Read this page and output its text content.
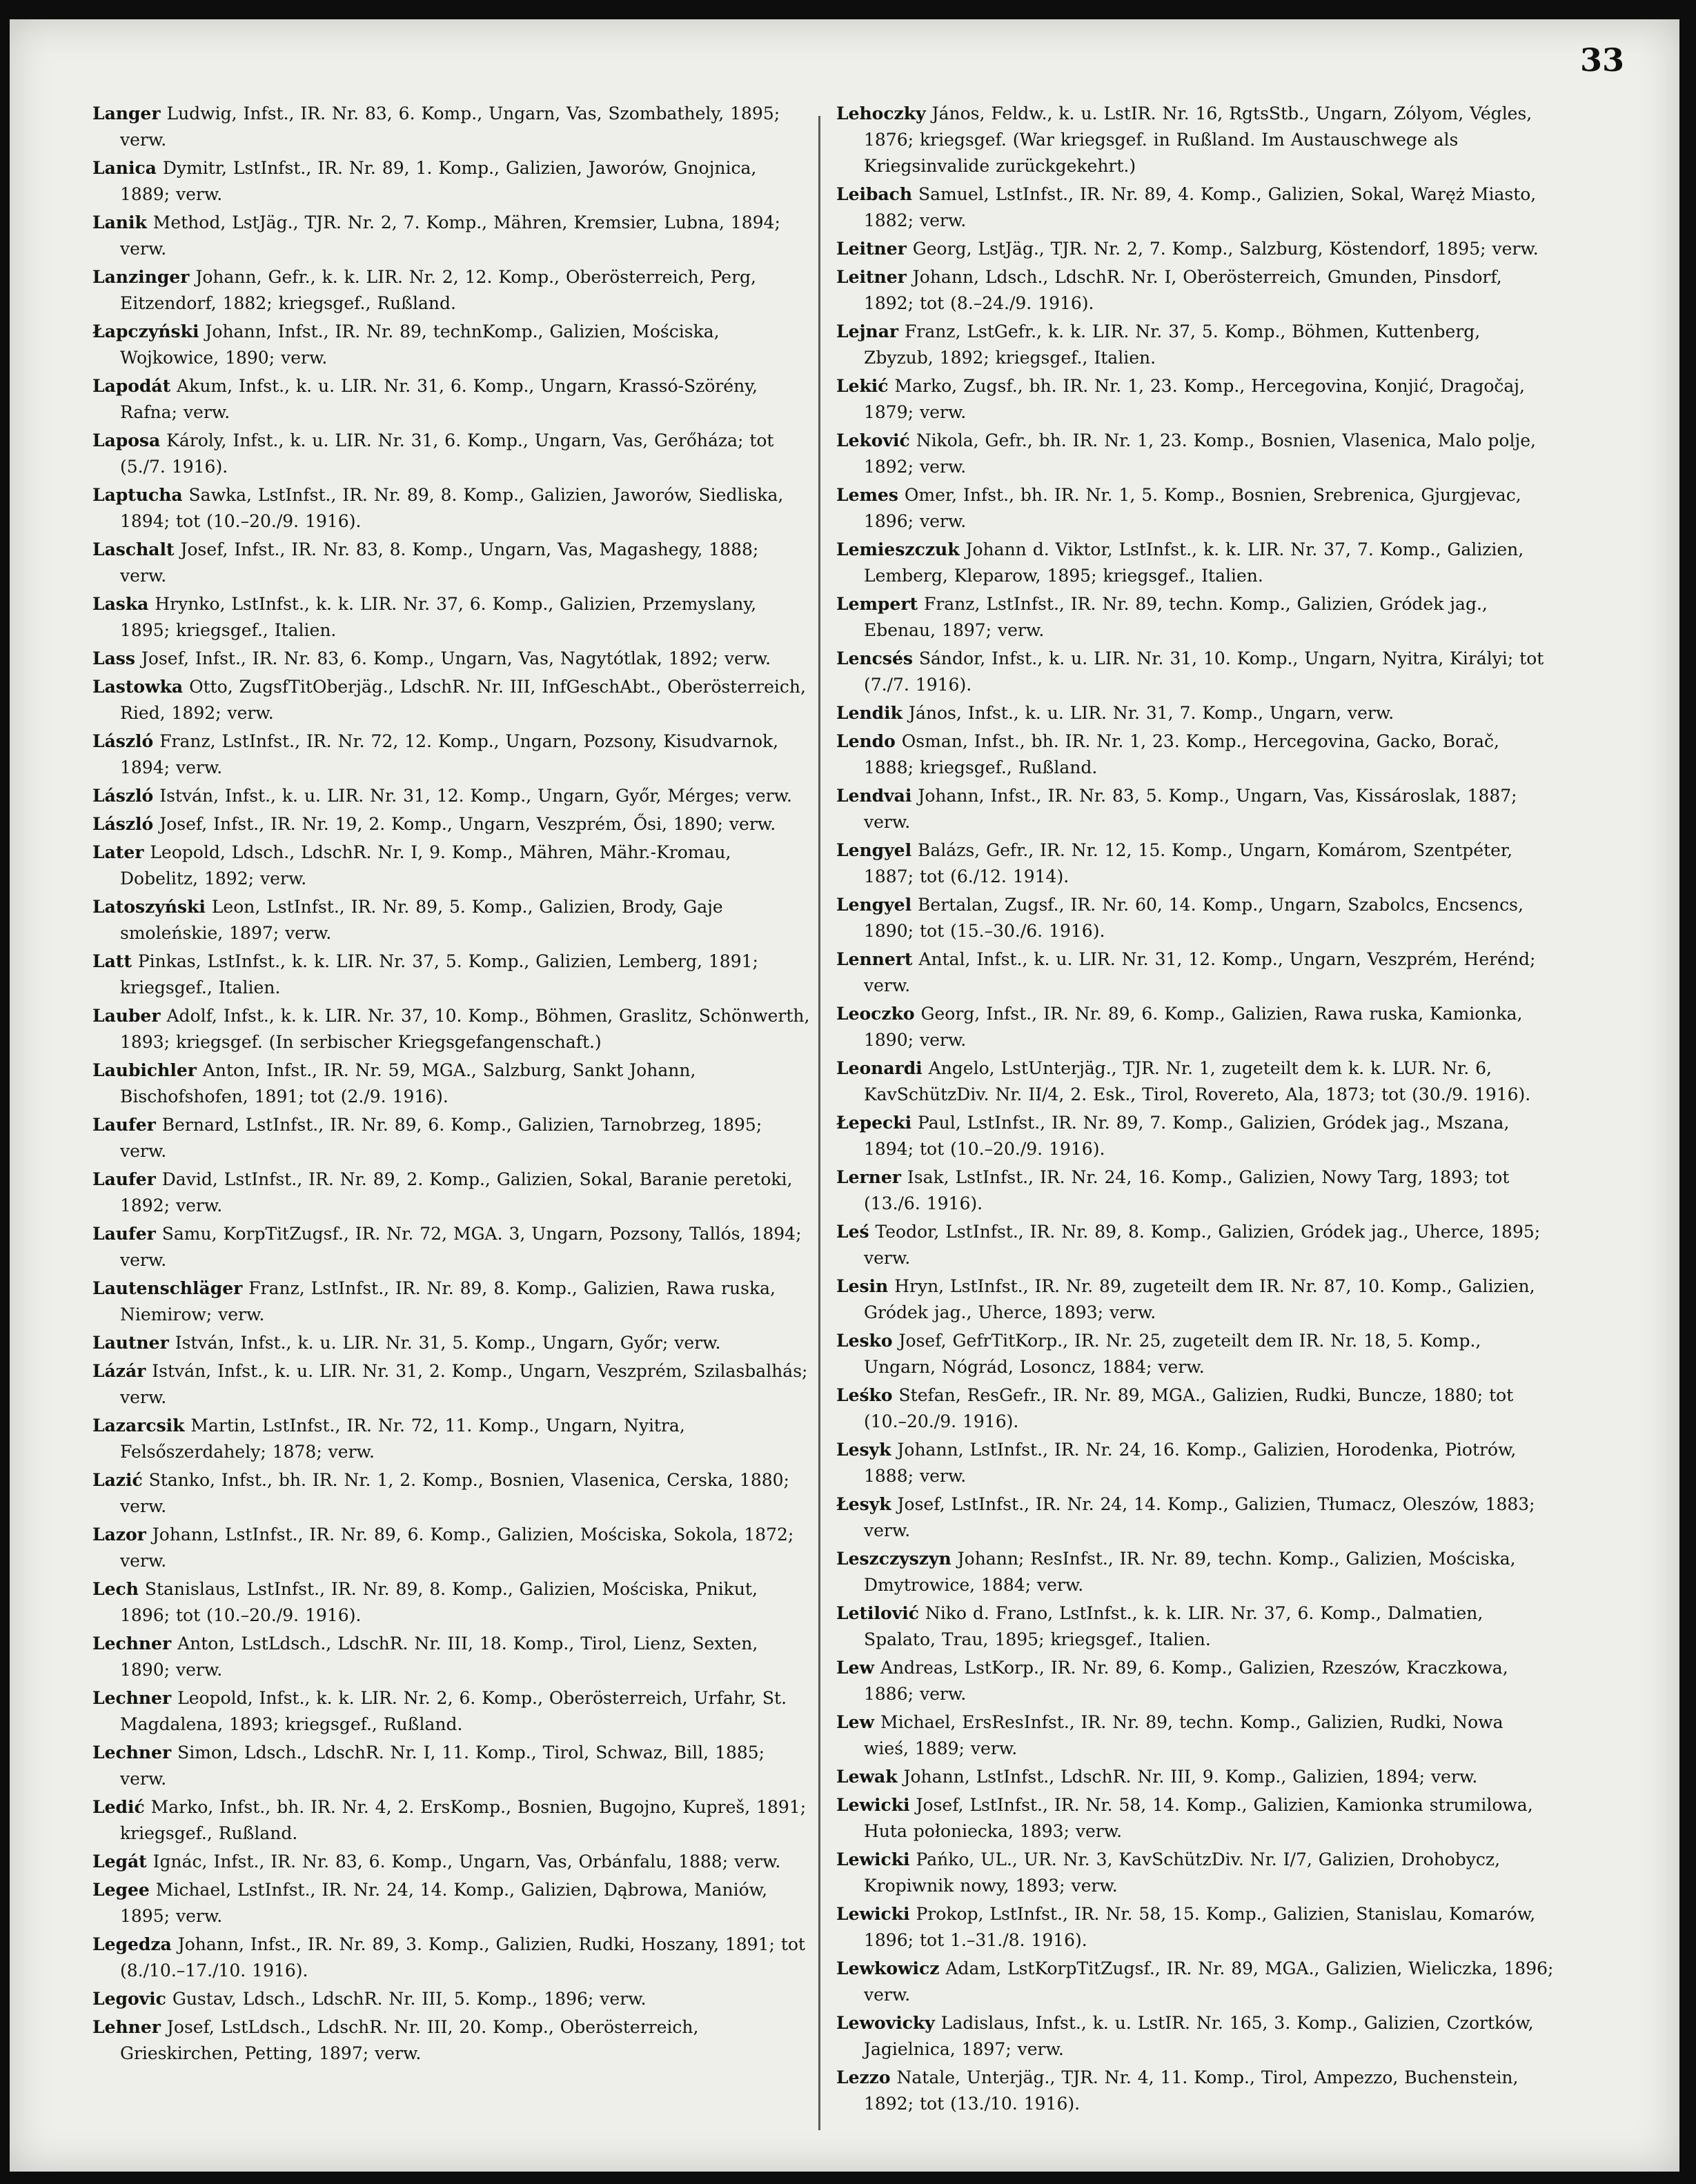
33
Langer Ludwig, Infst., IR. Nr. 83, 6. Komp., Ungarn, Vas, Szombathely, 1895; verw.
Lanica Dymitr, LstInfst., IR. Nr. 89, 1. Komp., Galizien, Jaworów, Gnojnica, 1889; verw.
Lanik Method, LstJäg., TJR. Nr. 2, 7. Komp., Mähren, Kremsier, Lubna, 1894; verw.
Lanzinger Johann, Gefr., k. k. LIR. Nr. 2, 12. Komp., Oberösterreich, Perg, Eitzendorf, 1882; kriegsgef., Rußland.
Łapczyński Johann, Infst., IR. Nr. 89, technKomp., Galizien, Mościska, Wojkowice, 1890; verw.
Lapodát Akum, Infst., k. u. LIR. Nr. 31, 6. Komp., Ungarn, Krassó-Szörény, Rafna; verw.
Laposa Károly, Infst., k. u. LIR. Nr. 31, 6. Komp., Ungarn, Vas, Gerőháza; tot (5./7. 1916).
Laptucha Sawka, LstInfst., IR. Nr. 89, 8. Komp., Galizien, Jaworów, Siedliska, 1894; tot (10.–20./9. 1916).
Laschalt Josef, Infst., IR. Nr. 83, 8. Komp., Ungarn, Vas, Magashegy, 1888; verw.
Laska Hrynko, LstInfst., k. k. LIR. Nr. 37, 6. Komp., Galizien, Przemyslany, 1895; kriegsgef., Italien.
Lass Josef, Infst., IR. Nr. 83, 6. Komp., Ungarn, Vas, Nagytótlak, 1892; verw.
Lastowka Otto, ZugsfTitOberjäg., LdschR. Nr. III, InfGeschAbt., Oberösterreich, Ried, 1892; verw.
László Franz, LstInfst., IR. Nr. 72, 12. Komp., Ungarn, Pozsony, Kisudvarnok, 1894; verw.
László István, Infst., k. u. LIR. Nr. 31, 12. Komp., Ungarn, Győr, Mérges; verw.
László Josef, Infst., IR. Nr. 19, 2. Komp., Ungarn, Veszprém, Ősi, 1890; verw.
Later Leopold, Ldsch., LdschR. Nr. I, 9. Komp., Mähren, Mähr.-Kromau, Dobelitz, 1892; verw.
Latoszyński Leon, LstInfst., IR. Nr. 89, 5. Komp., Galizien, Brody, Gaje smoleńskie, 1897; verw.
Latt Pinkas, LstInfst., k. k. LIR. Nr. 37, 5. Komp., Galizien, Lemberg, 1891; kriegsgef., Italien.
Lauber Adolf, Infst., k. k. LIR. Nr. 37, 10. Komp., Böhmen, Graslitz, Schönwerth, 1893; kriegsgef. (In serbischer Kriegsgefangenschaft.)
Laubichler Anton, Infst., IR. Nr. 59, MGA., Salzburg, Sankt Johann, Bischofshofen, 1891; tot (2./9. 1916).
Laufer Bernard, LstInfst., IR. Nr. 89, 6. Komp., Galizien, Tarnobrzeg, 1895; verw.
Laufer David, LstInfst., IR. Nr. 89, 2. Komp., Galizien, Sokal, Baranie peretoki, 1892; verw.
Laufer Samu, KorpTitZugsf., IR. Nr. 72, MGA. 3, Ungarn, Pozsony, Tallós, 1894; verw.
Lautenschläger Franz, LstInfst., IR. Nr. 89, 8. Komp., Galizien, Rawa ruska, Niemirow; verw.
Lautner István, Infst., k. u. LIR. Nr. 31, 5. Komp., Ungarn, Győr; verw.
Lázár István, Infst., k. u. LIR. Nr. 31, 2. Komp., Ungarn, Veszprém, Szilasbalhás; verw.
Lazarcsik Martin, LstInfst., IR. Nr. 72, 11. Komp., Ungarn, Nyitra, Felsőszerdahely; 1878; verw.
Lazić Stanko, Infst., bh. IR. Nr. 1, 2. Komp., Bosnien, Vlasenica, Cerska, 1880; verw.
Lazor Johann, LstInfst., IR. Nr. 89, 6. Komp., Galizien, Mościska, Sokola, 1872; verw.
Lech Stanislaus, LstInfst., IR. Nr. 89, 8. Komp., Galizien, Mościska, Pnikut, 1896; tot (10.–20./9. 1916).
Lechner Anton, LstLdsch., LdschR. Nr. III, 18. Komp., Tirol, Lienz, Sexten, 1890; verw.
Lechner Leopold, Infst., k. k. LIR. Nr. 2, 6. Komp., Oberösterreich, Urfahr, St. Magdalena, 1893; kriegsgef., Rußland.
Lechner Simon, Ldsch., LdschR. Nr. I, 11. Komp., Tirol, Schwaz, Bill, 1885; verw.
Ledić Marko, Infst., bh. IR. Nr. 4, 2. ErsKomp., Bosnien, Bugojno, Kupreš, 1891; kriegsgef., Rußland.
Legát Ignác, Infst., IR. Nr. 83, 6. Komp., Ungarn, Vas, Orbánfalu, 1888; verw.
Legee Michael, LstInfst., IR. Nr. 24, 14. Komp., Galizien, Dąbrowa, Maniów, 1895; verw.
Legedza Johann, Infst., IR. Nr. 89, 3. Komp., Galizien, Rudki, Hoszany, 1891; tot (8./10.–17./10. 1916).
Legovic Gustav, Ldsch., LdschR. Nr. III, 5. Komp., 1896; verw.
Lehner Josef, LstLdsch., LdschR. Nr. III, 20. Komp., Oberösterreich, Grieskirchen, Petting, 1897; verw.
Lehoczky János, Feldw., k. u. LstIR. Nr. 16, RgtsStb., Ungarn, Zólyom, Végles, 1876; kriegsgef. (War kriegsgef. in Rußland. Im Austauschwege als Kriegsinvalide zurückgekehrt.)
Leibach Samuel, LstInfst., IR. Nr. 89, 4. Komp., Galizien, Sokal, Waręż Miasto, 1882; verw.
Leitner Georg, LstJäg., TJR. Nr. 2, 7. Komp., Salzburg, Köstendorf, 1895; verw.
Leitner Johann, Ldsch., LdschR. Nr. I, Oberösterreich, Gmunden, Pinsdorf, 1892; tot (8.–24./9. 1916).
Lejnar Franz, LstGefr., k. k. LIR. Nr. 37, 5. Komp., Böhmen, Kuttenberg, Zbyzub, 1892; kriegsgef., Italien.
Lekić Marko, Zugsf., bh. IR. Nr. 1, 23. Komp., Hercegovina, Konjić, Dragočaj, 1879; verw.
Leković Nikola, Gefr., bh. IR. Nr. 1, 23. Komp., Bosnien, Vlasenica, Malo polje, 1892; verw.
Lemes Omer, Infst., bh. IR. Nr. 1, 5. Komp., Bosnien, Srebrenica, Gjurgjevac, 1896; verw.
Lemieszczuk Johann d. Viktor, LstInfst., k. k. LIR. Nr. 37, 7. Komp., Galizien, Lemberg, Kleparow, 1895; kriegsgef., Italien.
Lempert Franz, LstInfst., IR. Nr. 89, techn. Komp., Galizien, Gródek jag., Ebenau, 1897; verw.
Lencsés Sándor, Infst., k. u. LIR. Nr. 31, 10. Komp., Ungarn, Nyitra, Királyi; tot (7./7. 1916).
Lendik János, Infst., k. u. LIR. Nr. 31, 7. Komp., Ungarn, verw.
Lendo Osman, Infst., bh. IR. Nr. 1, 23. Komp., Hercegovina, Gacko, Borač, 1888; kriegsgef., Rußland.
Lendvai Johann, Infst., IR. Nr. 83, 5. Komp., Ungarn, Vas, Kissároslak, 1887; verw.
Lengyel Balázs, Gefr., IR. Nr. 12, 15. Komp., Ungarn, Komárom, Szentpéter, 1887; tot (6./12. 1914).
Lengyel Bertalan, Zugsf., IR. Nr. 60, 14. Komp., Ungarn, Szabolcs, Encsencs, 1890; tot (15.–30./6. 1916).
Lennert Antal, Infst., k. u. LIR. Nr. 31, 12. Komp., Ungarn, Veszprém, Herénd; verw.
Leoczko Georg, Infst., IR. Nr. 89, 6. Komp., Galizien, Rawa ruska, Kamionka, 1890; verw.
Leonardi Angelo, LstUnterjäg., TJR. Nr. 1, zugeteilt dem k. k. LUR. Nr. 6, KavSchützDiv. Nr. II/4, 2. Esk., Tirol, Rovereto, Ala, 1873; tot (30./9. 1916).
Łepecki Paul, LstInfst., IR. Nr. 89, 7. Komp., Galizien, Gródek jag., Mszana, 1894; tot (10.–20./9. 1916).
Lerner Isak, LstInfst., IR. Nr. 24, 16. Komp., Galizien, Nowy Targ, 1893; tot (13./6. 1916).
Leś Teodor, LstInfst., IR. Nr. 89, 8. Komp., Galizien, Gródek jag., Uherce, 1895; verw.
Lesin Hryn, LstInfst., IR. Nr. 89, zugeteilt dem IR. Nr. 87, 10. Komp., Galizien, Gródek jag., Uherce, 1893; verw.
Lesko Josef, GefrTitKorp., IR. Nr. 25, zugeteilt dem IR. Nr. 18, 5. Komp., Ungarn, Nógrád, Losoncz, 1884; verw.
Leśko Stefan, ResGefr., IR. Nr. 89, MGA., Galizien, Rudki, Buncze, 1880; tot (10.–20./9. 1916).
Lesyk Johann, LstInfst., IR. Nr. 24, 16. Komp., Galizien, Horodenka, Piotrów, 1888; verw.
Łesyk Josef, LstInfst., IR. Nr. 24, 14. Komp., Galizien, Tłumacz, Oleszów, 1883; verw.
Leszczyszyn Johann; ResInfst., IR. Nr. 89, techn. Komp., Galizien, Mościska, Dmytrowice, 1884; verw.
Letilović Niko d. Frano, LstInfst., k. k. LIR. Nr. 37, 6. Komp., Dalmatien, Spalato, Trau, 1895; kriegsgef., Italien.
Lew Andreas, LstKorp., IR. Nr. 89, 6. Komp., Galizien, Rzeszów, Kraczkowa, 1886; verw.
Lew Michael, ErsResInfst., IR. Nr. 89, techn. Komp., Galizien, Rudki, Nowa wieś, 1889; verw.
Lewak Johann, LstInfst., LdschR. Nr. III, 9. Komp., Galizien, 1894; verw.
Lewicki Josef, LstInfst., IR. Nr. 58, 14. Komp., Galizien, Kamionka strumilowa, Huta połoniecka, 1893; verw.
Lewicki Pańko, UL., UR. Nr. 3, KavSchützDiv. Nr. I/7, Galizien, Drohobycz, Kropiwnik nowy, 1893; verw.
Lewicki Prokop, LstInfst., IR. Nr. 58, 15. Komp., Galizien, Stanislau, Komarów, 1896; tot 1.–31./8. 1916).
Lewkowicz Adam, LstKorpTitZugsf., IR. Nr. 89, MGA., Galizien, Wieliczka, 1896; verw.
Lewovicky Ladislaus, Infst., k. u. LstIR. Nr. 165, 3. Komp., Galizien, Czortków, Jagielnica, 1897; verw.
Lezzo Natale, Unterjäg., TJR. Nr. 4, 11. Komp., Tirol, Ampezzo, Buchenstein, 1892; tot (13./10. 1916).
